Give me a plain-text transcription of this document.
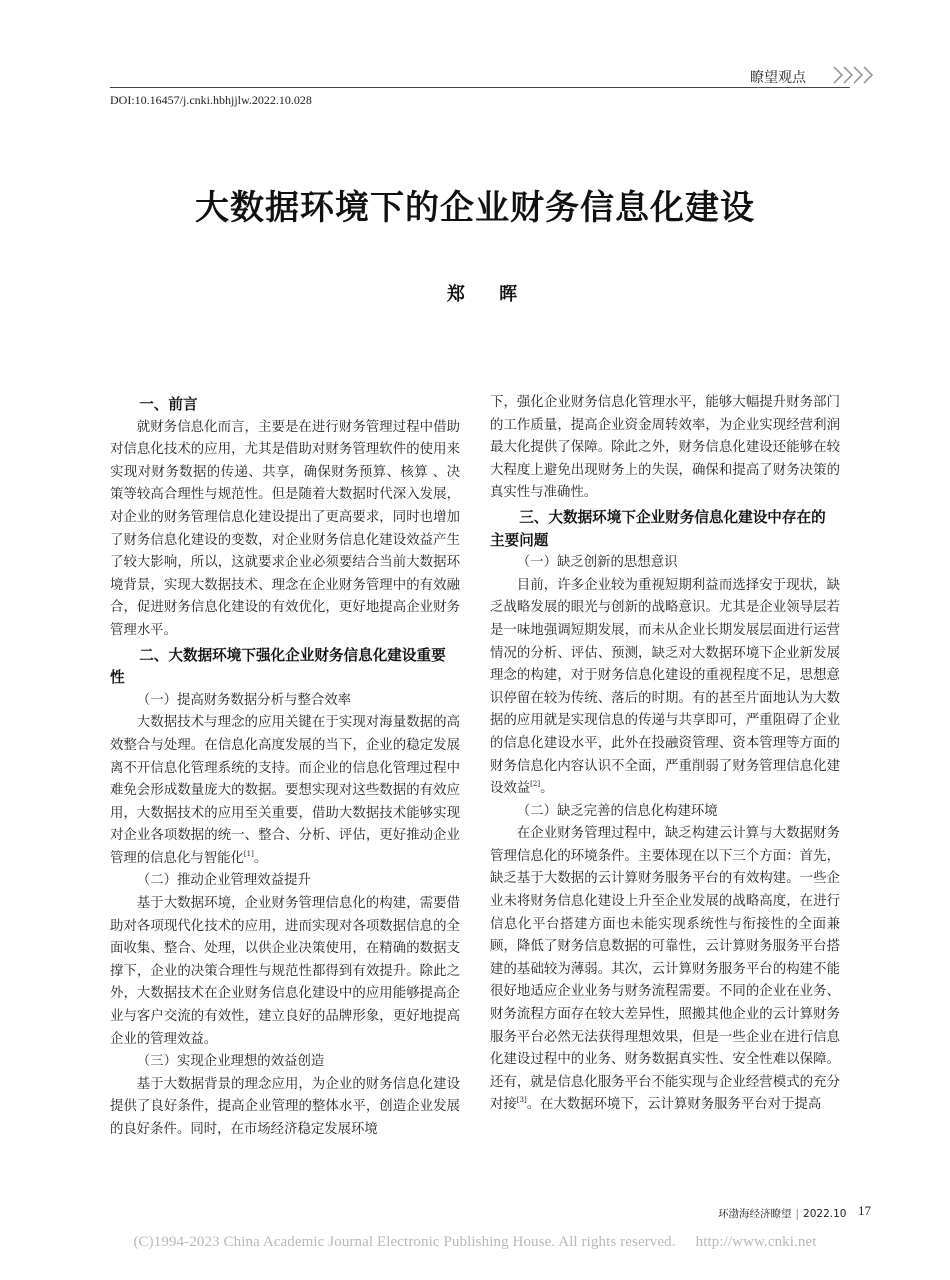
瞭望观点
DOI:10.16457/j.cnki.hbhjjlw.2022.10.028
大数据环境下的企业财务信息化建设
郑 晖
一、前言

就财务信息化而言，主要是在进行财务管理过程中借助对信息化技术的应用，尤其是借助对财务管理软件的使用来实现对财务数据的传递、共享，确保财务预算、核算 、决策等较高合理性与规范性。但是随着大数据时代深入发展，对企业的财务管理信息化建设提出了更高要求，同时也增加了财务信息化建设的变数，对企业财务信息化建设效益产生了较大影响，所以，这就要求企业必须要结合当前大数据环境背景，实现大数据技术、理念在企业财务管理中的有效融合，促进财务信息化建设的有效优化，更好地提高企业财务管理水平。

二、大数据环境下强化企业财务信息化建设重要性
（一）提高财务数据分析与整合效率

大数据技术与理念的应用关键在于实现对海量数据的高效整合与处理。在信息化高度发展的当下，企业的稳定发展离不开信息化管理系统的支持。而企业的信息化管理过程中难免会形成数量庞大的数据。要想实现对这些数据的有效应用，大数据技术的应用至关重要，借助大数据技术能够实现对企业各项数据的统一、整合、分析、评估，更好推动企业管理的信息化与智能化[1]。

（二）推动企业管理效益提升

基于大数据环境，企业财务管理信息化的构建，需要借助对各项现代化技术的应用，进而实现对各项数据信息的全面收集、整合、处理，以供企业决策使用，在精确的数据支撑下，企业的决策合理性与规范性都得到有效提升。除此之外，大数据技术在企业财务信息化建设中的应用能够提高企业与客户交流的有效性，建立良好的品牌形象，更好地提高企业的管理效益。

（三）实现企业理想的效益创造

基于大数据背景的理念应用，为企业的财务信息化建设提供了良好条件，提高企业管理的整体水平，创造企业发展的良好条件。同时，在市场经济稳定发展环境

下，强化企业财务信息化管理水平，能够大幅提升财务部门的工作质量，提高企业资金周转效率，为企业实现经营利润最大化提供了保障。除此之外，财务信息化建设还能够在较大程度上避免出现财务上的失误，确保和提高了财务决策的真实性与准确性。

三、大数据环境下企业财务信息化建设中存在的主要问题
（一）缺乏创新的思想意识

目前，许多企业较为重视短期利益而选择安于现状，缺乏战略发展的眼光与创新的战略意识。尤其是企业领导层若是一味地强调短期发展，而未从企业长期发展层面进行运营情况的分析、评估、预测，缺乏对大数据环境下企业新发展理念的构建，对于财务信息化建设的重视程度不足，思想意识停留在较为传统、落后的时期。有的甚至片面地认为大数据的应用就是实现信息的传递与共享即可，严重阻碍了企业的信息化建设水平，此外在投融资管理、资本管理等方面的财务信息化内容认识不全面，严重削弱了财务管理信息化建设效益[2]。

（二）缺乏完善的信息化构建环境

在企业财务管理过程中，缺乏构建云计算与大数据财务管理信息化的环境条件。主要体现在以下三个方面：首先，缺乏基于大数据的云计算财务服务平台的有效构建。一些企业未将财务信息化建设上升至企业发展的战略高度，在进行信息化平台搭建方面也未能实现系统性与衔接性的全面兼顾，降低了财务信息数据的可靠性，云计算财务服务平台搭建的基础较为薄弱。其次，云计算财务服务平台的构建不能很好地适应企业业务与财务流程需要。不同的企业在业务、财务流程方面存在较大差异性，照搬其他企业的云计算财务服务平台必然无法获得理想效果，但是一些企业在进行信息化建设过程中的业务、财务数据真实性、安全性难以保障。还有，就是信息化服务平台不能实现与企业经营模式的充分对接[3]。在大数据环境下，云计算财务服务平台对于提高

环渤海经济瞭望 | 2022.10 17
(C)1994-2023 China Academic Journal Electronic Publishing House. All rights reserved. http://www.cnki.net
